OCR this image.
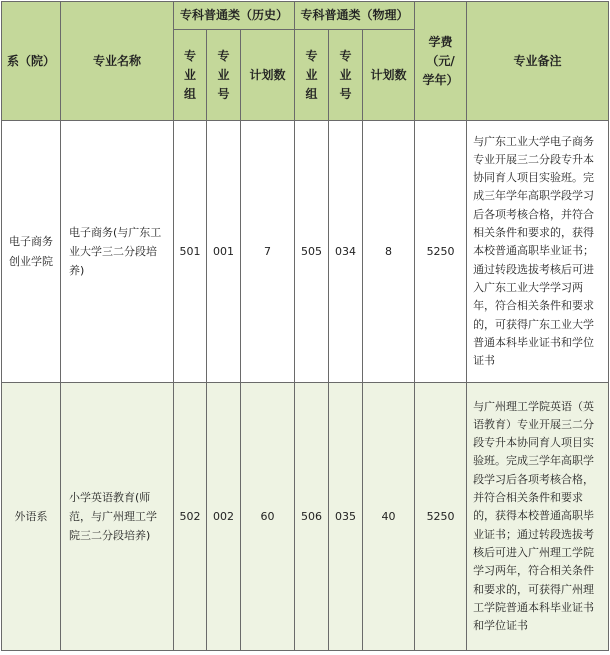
系（院）	专业名称	专科普通类（历史）			专科普通类（物理）			学费（元/学年）	专业备注
		专业组	专业号	计划数	专业组	专业号	计划数		
电子商务创业学院	电子商务(与广东工业大学三二分段培养)	501	001	7	505	034	8	5250	与广东工业大学电子商务专业开展三二分段专升本协同育人项目实验班。完成三年学年高职学段学习后各项考核合格，并符合相关条件和要求的，获得本校普通高职毕业证书；通过转段选拔考核后可进入广东工业大学学习两年，符合相关条件和要求的，可获得广东工业大学普通本科毕业证书和学位证书
外语系	小学英语教育(师范，与广州理工学院三二分段培养)	502	002	60	506	035	40	5250	与广州理工学院英语（英语教育）专业开展三二分段专升本协同育人项目实验班。完成三学年高职学段学习后各项考核合格，并符合相关条件和要求的，获得本校普通高职毕业证书；通过转段选拔考核后可进入广州理工学院学习两年，符合相关条件和要求的，可获得广州理工学院普通本科毕业证书和学位证书
